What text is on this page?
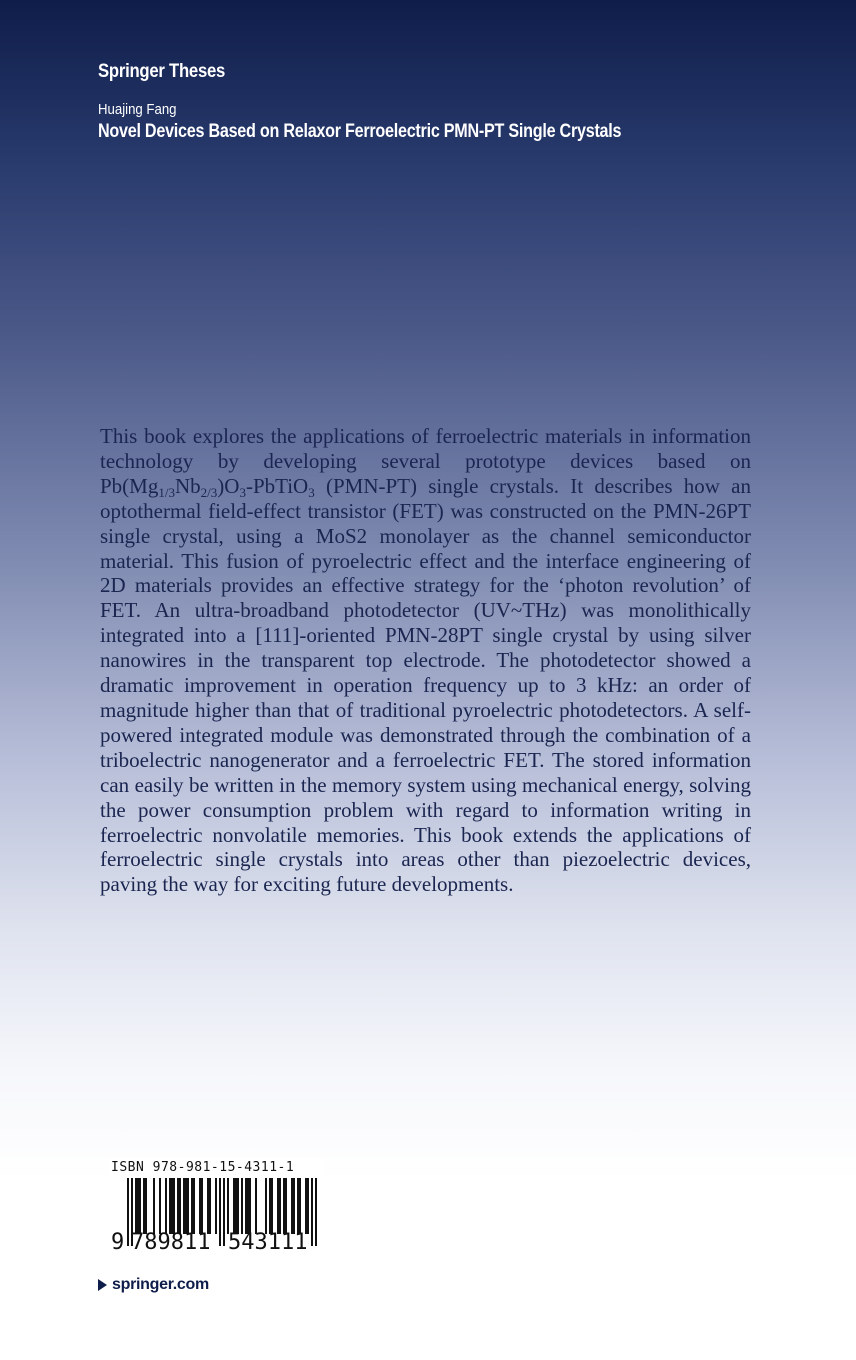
Springer Theses
Huajing Fang
Novel Devices Based on Relaxor Ferroelectric PMN-PT Single Crystals

This book explores the applications of ferroelectric materials in information technology by developing several prototype devices based on $Pb(Mg_{1/3}Nb_{2/3})O_3-PbTiO_3$ (PMN-PT) single crystals. It describes how an optothermal field-effect transistor (FET) was constructed on the PMN-26PT single crystal, using a MoS2 monolayer as the channel semiconductor material. This fusion of pyroelectric effect and the interface engineering of 2D materials provides an effective strategy for the ‘photon revolution’ of FET. An ultra-broadband photodetector (UV~THz) was monolithically integrated into a [111]-oriented PMN-28PT single crystal by using silver nanowires in the transparent top electrode. The photodetector showed a dramatic improvement in operation frequency up to 3 kHz: an order of magnitude higher than that of traditional pyroelectric photodetectors. A self-powered integrated module was demonstrated through the combination of a triboelectric nanogenerator and a ferroelectric FET. The stored information can easily be written in the memory system using mechanical energy, solving the power consumption problem with regard to information writing in ferroelectric nonvolatile memories. This book extends the applications of ferroelectric single crystals into areas other than piezoelectric devices, paving the way for exciting future developments.

ISBN 978-981-15-4311-1
9 789811 543111
springer.com
